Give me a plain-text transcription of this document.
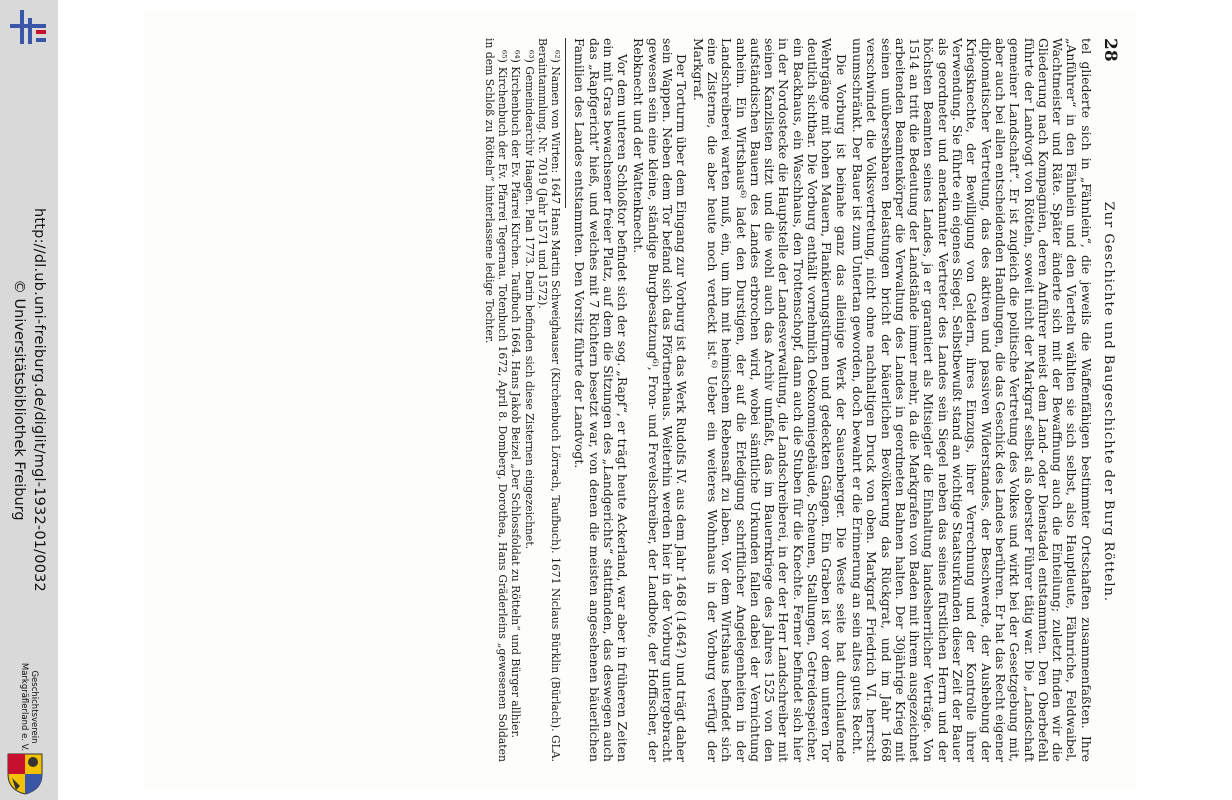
http://dl.ub.uni-freiburg.de/diglit/mgl-1932-01/0032
© Universitätsbibliothek Freiburg
Geschichtsverein
Markgräflerland e. V.
28
Zur Geschichte und Baugeschichte der Burg Rötteln.

tel gliederte sich in „Fähnlein“, die jeweils die Waffenfähigen bestimmter Ortschaften zusammenfaßten. Ihre „Anführer“ in den Fähnlein und den Vierteln wählten sie sich selbst, also Hauptleute, Fähnriche, Feldwaibel, Wachtmeister und Räte. Später änderte sich mit der Bewaffnung auch die Einteilung; zuletzt finden wir die Gliederung nach Kompagnien, deren Anführer meist dem Land- oder Dienstadel entstammten. Den Oberbefehl führte der Landvogt von Rötteln, soweit nicht der Markgraf selbst als oberster Führer tätig war. Die „Landschaft gemeiner Landschaft“. Er ist zugleich die politische Vertretung des Volkes und wirkt bei der Gesetzgebung mit, aber auch bei allen entscheidenden Handlungen, die das Geschick des Landes berühren. Er hat das Recht eigener diplomatischer Vertretung, das des aktiven und passiven Widerstandes, der Beschwerde, der Aushebung der Kriegsknechte, der Bewilligung von Geldern, ihres Einzugs, ihrer Verrechnung und der Kontrolle ihrer Verwendung. Sie führte ein eigenes Siegel. Selbstbewußt stand an wichtige Staatsurkunden dieser Zeit der Bauer als geordneter und anerkannter Vertreter des Landes sein Siegel neben das seines fürstlichen Herrn und der höchsten Beamten seines Landes, ja er garantiert als Mitsiegler die Einhaltung landesherrlicher Verträge. Von 1514 an tritt die Bedeutung der Landstände immer mehr, da die Markgrafen von Baden mit ihrem ausgezeichnet arbeitenden Beamtenkörper die Verwaltung des Landes in geordneten Bahnen halten. Der 30jährige Krieg mit seinen unübersehbaren Belastungen bricht der bäuerlichen Bevölkerung das Rückgrat, und im Jahr 1668 verschwindet die Volksvertretung, nicht ohne nachhaltigen Druck von oben. Markgraf Friedrich VI. herrscht unumschränkt. Der Bauer ist zum Untertan geworden, doch bewahrt er die Erinnerung an sein altes gutes Recht.

Die Vorburg ist beinahe ganz das alleinige Werk der Sausenberger. Die Weste seite hat durchlaufende Wehrgänge mit hohen Mauern, Flankierungstürmen und gedeckten Gängen. Ein Graben ist vor dem unteren Tor deutlich sichtbar. Die Vorburg enthält vornehmlich Oekonomiegebäude, Scheunen, Stallungen, Getreidespeicher, ein Backhaus, ein Waschhaus, den Trottenschopf, dann auch die Stuben für die Knechte. Ferner befindet sich hier in der Nordostecke die Hauptstelle der Landesverwaltung, die Landschreiberei, in der der Herr Landschreiber mit seinen Kanzlisten sitzt und die wohl auch das Archiv umfaßt, das im Bauernkriege des Jahres 1525 von den aufständischen Bauern des Landes erbrochen wird, wobei sämtliche Urkunden fallen dabei der Vernichtung anheim. Ein Wirtshaus⁶⁾ ladet den Durstigen, der auf die Erledigung schriftlicher Angelegenheiten in der Landschreiberei warten muß, ein, um ihn mit heimischem Rebensaft zu laben. Vor dem Wirtshaus befindet sich eine Zisterne, die aber heute noch verdeckt ist.⁶⁾ Ueber ein weiteres Wohnhaus in der Vorburg verfügt der Markgraf.

Der Torturm über dem Eingang zur Vorburg ist das Werk Rudolfs IV. aus dem Jahr 1468 (1464?) und trägt daher sein Wappen. Neben dem Tor befand sich das Pförtnerhaus. Weiterhin werden hier in der Vorburg untergebracht gewesen sein eine kleine, ständige Burgbesatzung⁶⁾, Fron- und Frevelschreiber, der Landbote, der Hoffischer, der Rebknecht und der Wattenknecht.

Vor dem unteren Schloßtor befindet sich der sog. „Rapf“, er trägt heute Ackerland, war aber in früheren Zeiten ein mit Gras bewachsener freier Platz, auf dem die Sitzungen des „Landgerichts“ stattfanden, das deswegen auch das „Rapfgericht“ hieß, und welches mit 7 Richtern besetzt war, von denen die meisten angesehenen bäuerlichen Familien des Landes entstammten. Den Vorsitz führte der Landvogt.

⁶²) Namen von Wirten: 1647 Hans Martin Schweighauser (Kirchenbuch Lörrach, Taufbuch). 1671 Niclaus Bürklin (Bürlach). GLA. Beraintammlung. Nr. 7019 (Jahr 1571 und 1572).

⁶³) Gemeindearchiv Haagen. Plan 1773. Darin befinden sich diese Zisternen eingezeichnet.

⁶⁴) Kirchenbuch der Ev. Pfarrei Kirchen. Taufbuch 1664. Hans Jakob Beizel „Der Schlossfoldat zu Rötteln“ und Bürger allhier.

⁶⁵) Kirchenbuch der Ev. Pfarrei Tegernau. Totenbuch 1672, April 8. Domberg, Dorothea, Hans Gräderleins „gewesenen Soldaten in dem Schloß zu Rötteln“ hinterlassene ledige Tochter.
